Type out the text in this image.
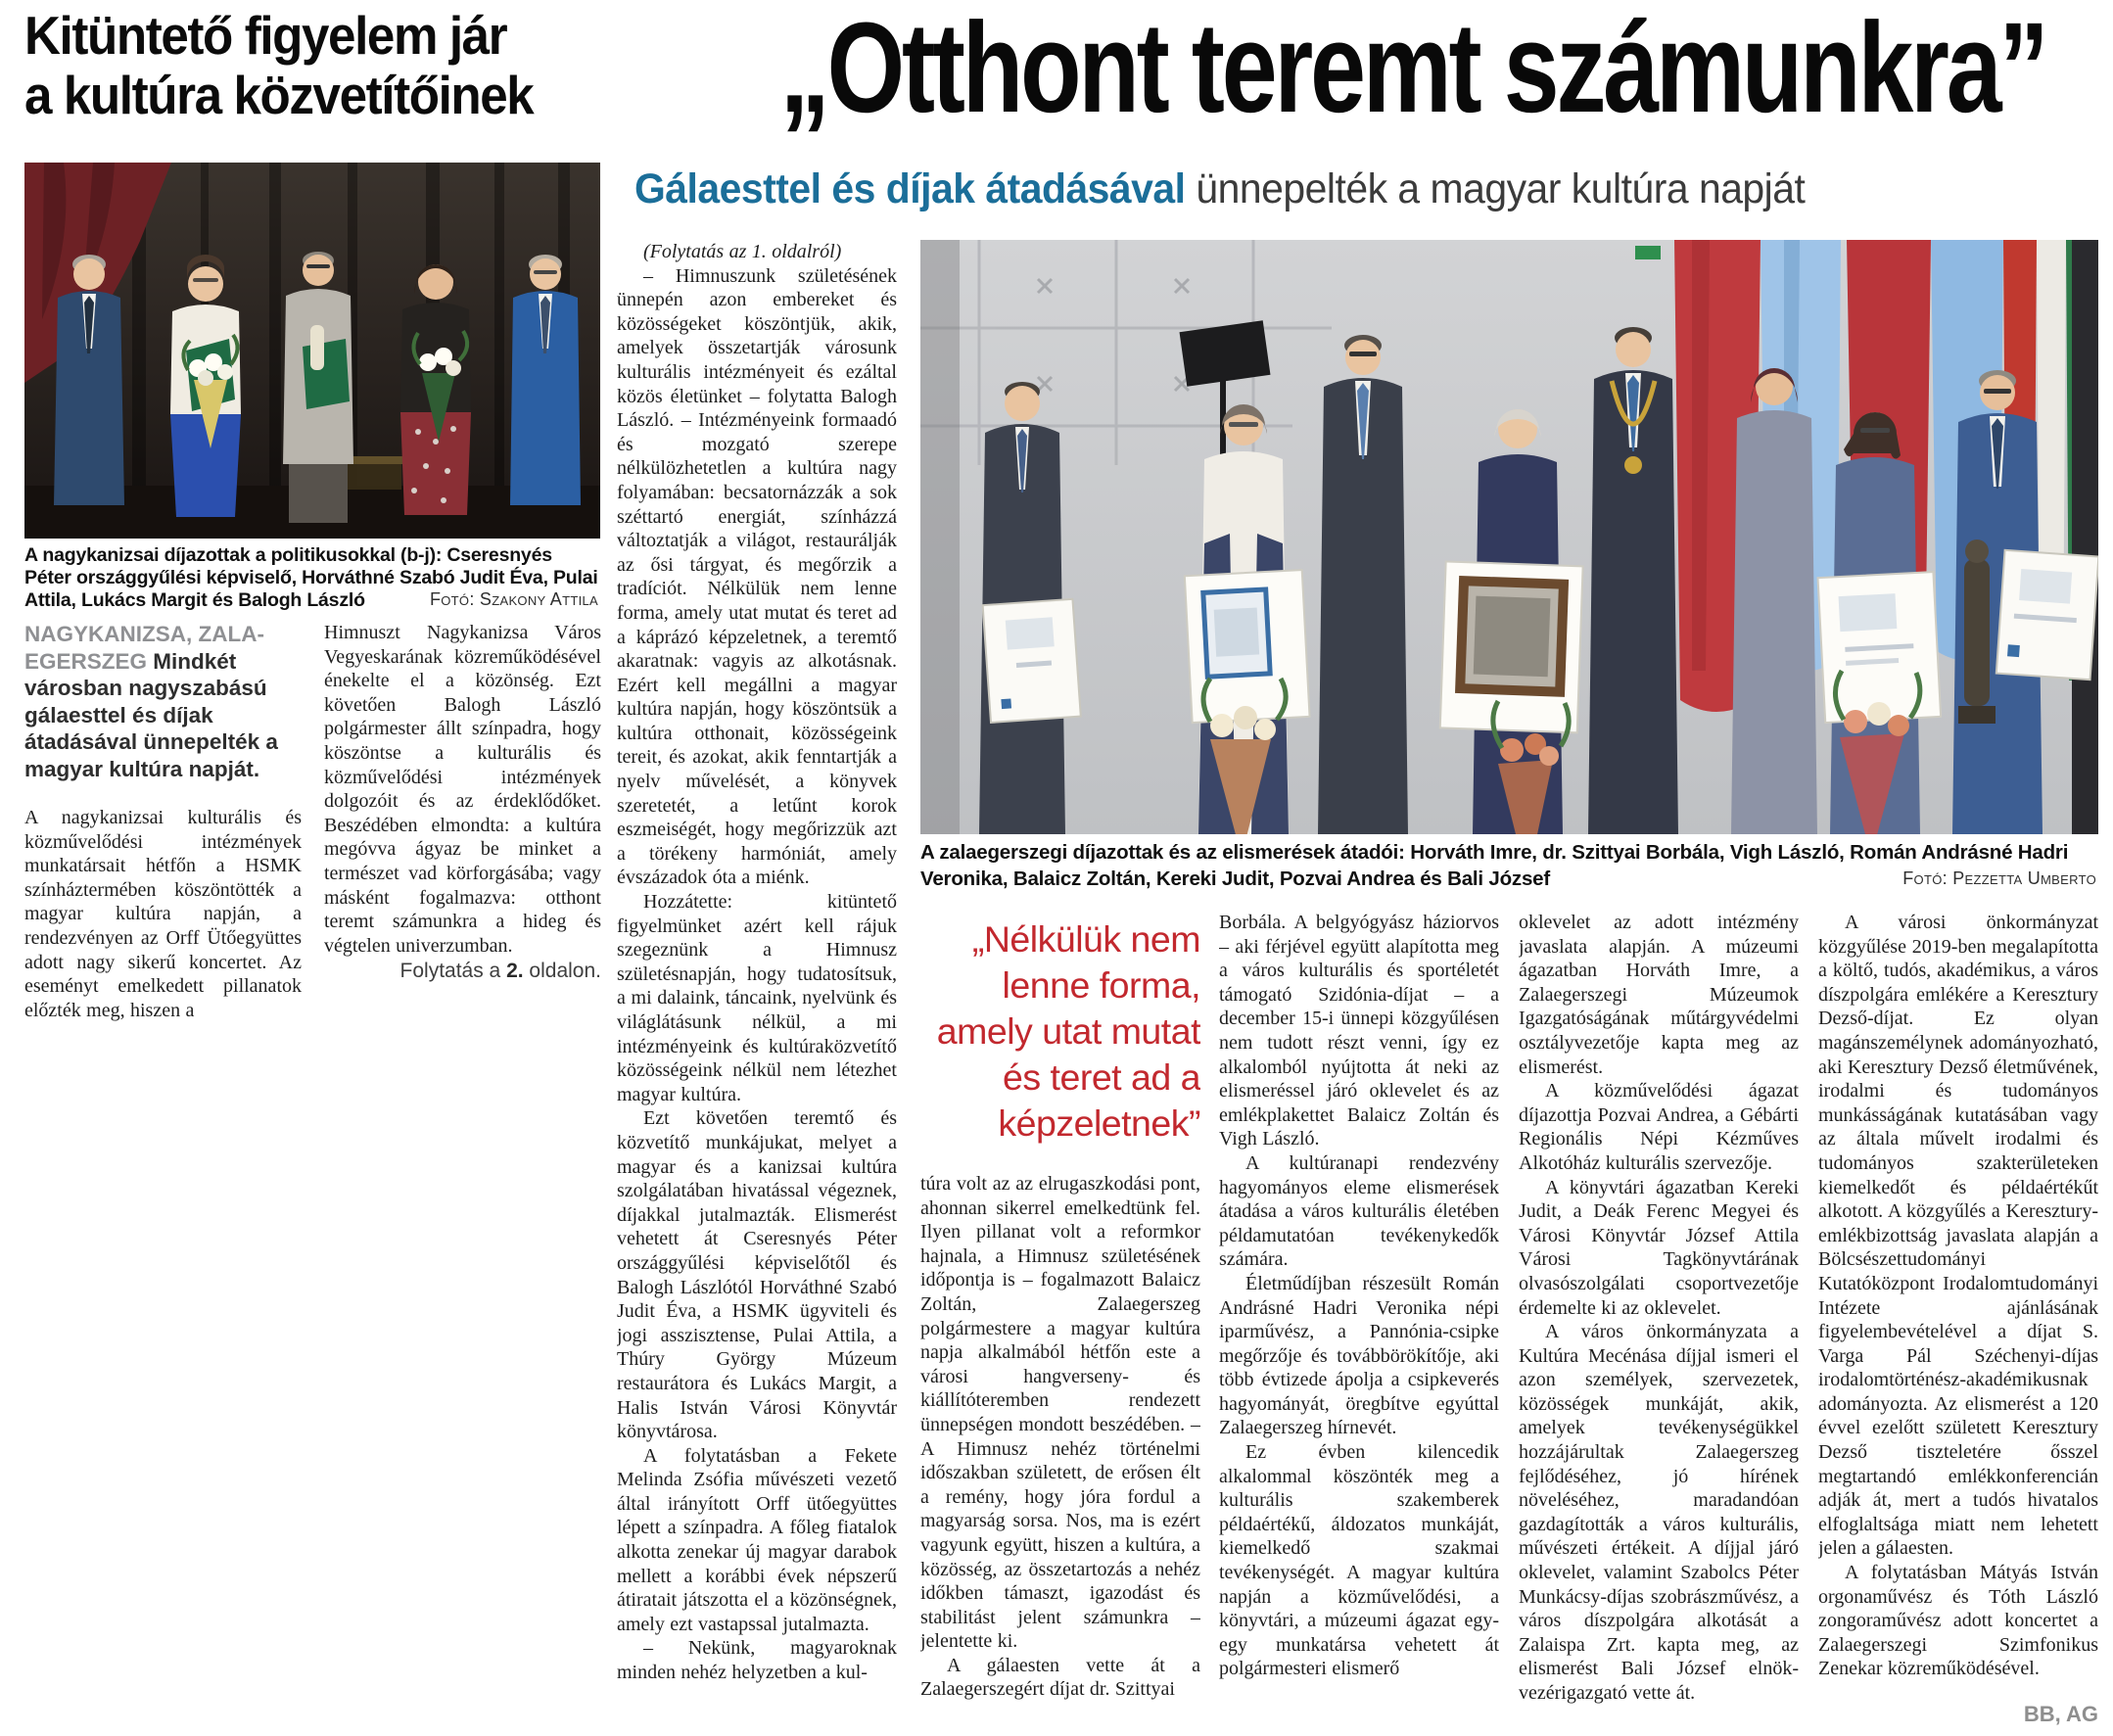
Kitüntető figyelem jár
a kultúra közvetítőinek
A nagykanizsai díjazottak a politikusokkal (b-j): Cseresnyés Péter országgyűlési képviselő, Horváthné Szabó Judit Éva, Pulai Attila, Lukács Margit és Balogh László	Fotó: Szakony Attila

NAGYKANIZSA, ZALAEGERSZEG Mindkét városban nagyszabású gálaesttel és díjak átadásával ünnepelték a magyar kultúra napját.

A nagykanizsai kulturális és közművelődési intézmények munkatársait hétfőn a HSMK színháztermében köszöntötték a magyar kultúra napján, a rendezvényen az Orff Ütőegyüttes adott nagy sikerű koncertet. Az eseményt emelkedett pillanatok előzték meg, hiszen a

Himnuszt Nagykanizsa Város Vegyeskarának közreműködésével énekelte el a közönség. Ezt követően Balogh László polgármester állt színpadra, hogy köszöntse a kulturális és közművelődési intézmények dolgozóit és az érdeklődőket. Beszédében elmondta: a kultúra megóvva ágyaz be minket a természet vad körforgásába; vagy másként fogalmazva: otthont teremt számunkra a hideg és végtelen univerzumban.

Folytatás a 2. oldalon.

„Otthont teremt számunkra”
Gálaesttel és díjak átadásával ünnepelték a magyar kultúra napját

(Folytatás az 1. oldalról)

– Himnuszunk születésének ünnepén azon embereket és közösségeket köszöntjük, akik, amelyek összetartják városunk kulturális intézményeit és ezáltal közös életünket – folytatta Balogh László. – Intézményeink formaadó és mozgató szerepe nélkülözhetetlen a kultúra nagy folyamában: becsatornázzák a sok széttartó energiát, színházzá változtatják a világot, restaurálják az ősi tárgyat, és megőrzik a tradíciót. Nélkülük nem lenne forma, amely utat mutat és teret ad a káprázó képzeletnek, a teremtő akaratnak: vagyis az alkotásnak. Ezért kell megállni a magyar kultúra napján, hogy köszöntsük a kultúra otthonait, közösségeink tereit, és azokat, akik fenntartják a nyelv művelését, a könyvek szeretetét, a letűnt korok eszmeiségét, hogy megőrizzük azt a törékeny harmóniát, amely évszázadok óta a miénk.

Hozzátette: kitüntető figyelmünket azért kell rájuk szegeznünk a Himnusz születésnapján, hogy tudatosítsuk, a mi dalaink, táncaink, nyelvünk és világlátásunk nélkül, a mi intézményeink és kultúraközvetítő közösségeink nélkül nem létezhet magyar kultúra.

Ezt követően teremtő és közvetítő munkájukat, melyet a magyar és a kanizsai kultúra szolgálatában hivatással végeznek, díjakkal jutalmazták. Elismerést vehetett át Cseresnyés Péter országgyűlési képviselőtől és Balogh Lászlótól Horváthné Szabó Judit Éva, a HSMK ügyviteli és jogi asszisztense, Pulai Attila, a Thúry György Múzeum restaurátora és Lukács Margit, a Halis István Városi Könyvtár könyvtárosa.

A folytatásban a Fekete Melinda Zsófia művészeti vezető által irányított Orff ütőegyüttes lépett a színpadra. A főleg fiatalok alkotta zenekar új magyar darabok mellett a korábbi évek népszerű átiratait játszotta el a közönségnek, amely ezt vastapssal jutalmazta.

– Nekünk, magyaroknak minden nehéz helyzetben a kul-

A zalaegerszegi díjazottak és az elismerések átadói: Horváth Imre, dr. Szittyai Borbála, Vigh László, Román Andrásné Hadri Veronika, Balaicz Zoltán, Kereki Judit, Pozvai Andrea és Bali József	Fotó: Pezzetta Umberto
„Nélkülük nem lenne forma, amely utat mutat és teret ad a képzeletnek”

túra volt az az elrugaszkodási pont, ahonnan sikerrel emelkedtünk fel. Ilyen pillanat volt a reformkor hajnala, a Himnusz születésének időpontja is – fogalmazott Balaicz Zoltán, Zalaegerszeg polgármestere a magyar kultúra napja alkalmából hétfőn este a városi hangverseny- és kiállítóteremben rendezett ünnepségen mondott beszédében. – A Himnusz nehéz történelmi időszakban született, de erősen élt a remény, hogy jóra fordul a magyarság sorsa. Nos, ma is ezért vagyunk együtt, hiszen a kultúra, a közösség, az összetartozás a nehéz időkben támaszt, igazodást és stabilitást jelent számunkra – jelentette ki.

A gálaesten vette át a Zalaegerszegért díjat dr. Szittyai

Borbála. A belgyógyász háziorvos – aki férjével együtt alapította meg a város kulturális és sportéletét támogató Szidónia-díjat – a december 15-i ünnepi közgyűlésen nem tudott részt venni, így ez alkalomból nyújtotta át neki az elismeréssel járó oklevelet és az emlékplakettet Balaicz Zoltán és Vigh László.

A kultúranapi rendezvény hagyományos eleme elismerések átadása a város kulturális életében példamutatóan tevékenykedők számára.

Életműdíjban részesült Román Andrásné Hadri Veronika népi iparművész, a Pannónia-csipke megőrzője és továbbörökítője, aki több évtizede ápolja a csipkeverés hagyományát, öregbítve egyúttal Zalaegerszeg hírnevét.

Ez évben kilencedik alkalommal köszönték meg a kulturális szakemberek példaértékű, áldozatos munkáját, kiemelkedő szakmai tevékenységét. A magyar kultúra napján a közművelődési, a könyvtári, a múzeumi ágazat egy-egy munkatársa vehetett át polgármesteri elismerő

oklevelet az adott intézmény javaslata alapján. A múzeumi ágazatban Horváth Imre, a Zalaegerszegi Múzeumok Igazgatóságának műtárgyvédelmi osztályvezetője kapta meg az elismerést.

A közművelődési ágazat díjazottja Pozvai Andrea, a Gébárti Regionális Népi Kézműves Alkotóház kulturális szervezője.

A könyvtári ágazatban Kereki Judit, a Deák Ferenc Megyei és Városi Könyvtár József Attila Városi Tagkönyvtárának olvasószolgálati csoportvezetője érdemelte ki az oklevelet.

A város önkormányzata a Kultúra Mecénása díjjal ismeri el azon személyek, szervezetek, közösségek munkáját, akik, amelyek tevékenységükkel hozzájárultak Zalaegerszeg fejlődéséhez, jó hírének növeléséhez, maradandóan gazdagították a város kulturális, művészeti értékeit. A díjjal járó oklevelet, valamint Szabolcs Péter Munkácsy-díjas szobrászművész, a város díszpolgára alkotását a Zalaispa Zrt. kapta meg, az elismerést Bali József elnök-vezérigazgató vette át.

A városi önkormányzat közgyűlése 2019-ben megalapította a költő, tudós, akadémikus, a város díszpolgára emlékére a Keresztury Dezső-díjat. Ez olyan magánszemélynek adományozható, aki Keresztury Dezső életművének, irodalmi és tudományos munkásságának kutatásában vagy az általa művelt irodalmi és tudományos szakterületeken kiemelkedőt és példaértékűt alkotott. A közgyűlés a Keresztury-emlékbizottság javaslata alapján a Bölcsészettudományi Kutatóközpont Irodalomtudományi Intézete ajánlásának figyelembevételével a díjat S. Varga Pál Széchenyi-díjas irodalomtörténész-akadémikusnak adományozta. Az elismerést a 120 évvel ezelőtt született Keresztury Dezső tiszteletére ősszel megtartandó emlékkonferencián adják át, mert a tudós hivatalos elfoglaltsága miatt nem lehetett jelen a gálaesten.

A folytatásban Mátyás István orgonaművész és Tóth László zongoraművész adott koncertet a Zalaegerszegi Szimfonikus Zenekar közreműködésével.

BB, AG
